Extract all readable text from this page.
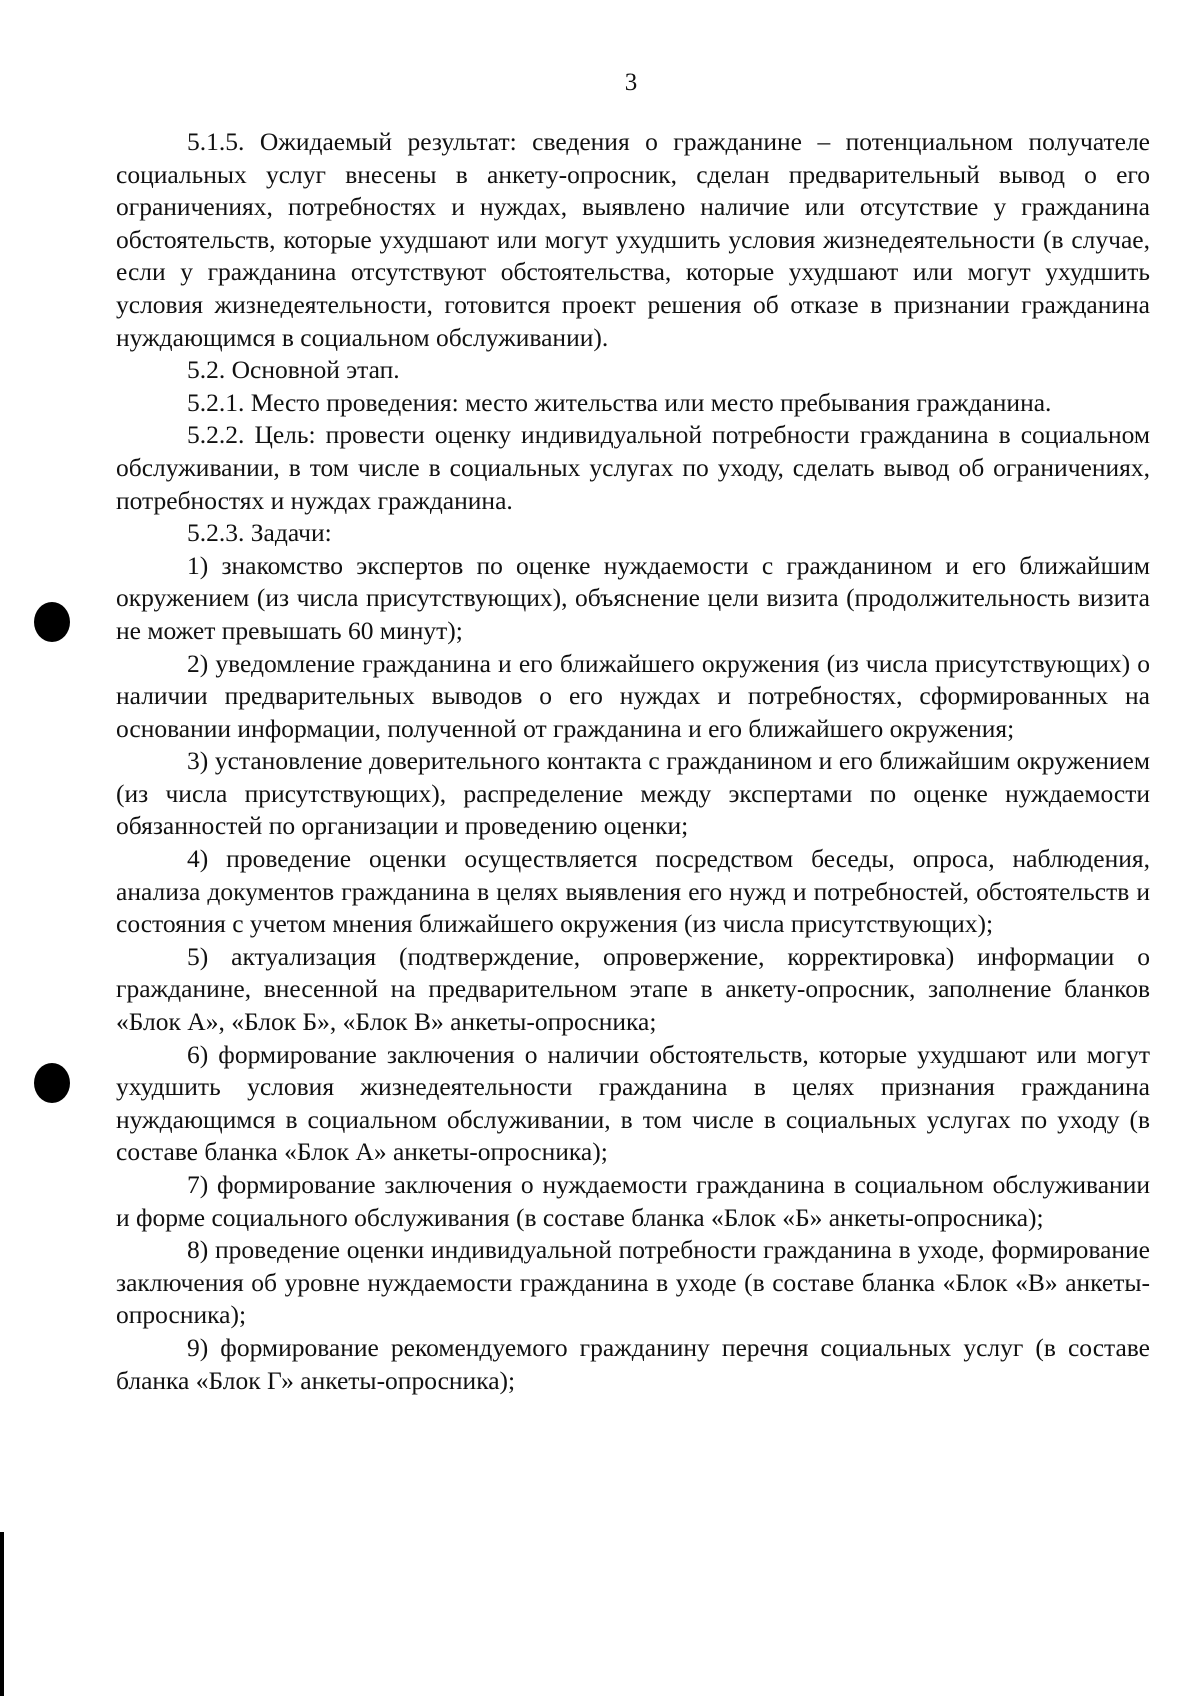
3

5.1.5. Ожидаемый результат: сведения о гражданине – потенциальном получателе социальных услуг внесены в анкету-опросник, сделан предварительный вывод о его ограничениях, потребностях и нуждах, выявлено наличие или отсутствие у гражданина обстоятельств, которые ухудшают или могут ухудшить условия жизнедеятельности (в случае, если у гражданина отсутствуют обстоятельства, которые ухудшают или могут ухудшить условия жизнедеятельности, готовится проект решения об отказе в признании гражданина нуждающимся в социальном обслуживании).

5.2. Основной этап.

5.2.1. Место проведения: место жительства или место пребывания гражданина.

5.2.2. Цель: провести оценку индивидуальной потребности гражданина в социальном обслуживании, в том числе в социальных услугах по уходу, сделать вывод об ограничениях, потребностях и нуждах гражданина.

5.2.3. Задачи:

1) знакомство экспертов по оценке нуждаемости с гражданином и его ближайшим окружением (из числа присутствующих), объяснение цели визита (продолжительность визита не может превышать 60 минут);

2) уведомление гражданина и его ближайшего окружения (из числа присутствующих) о наличии предварительных выводов о его нуждах и потребностях, сформированных на основании информации, полученной от гражданина и его ближайшего окружения;

3) установление доверительного контакта с гражданином и его ближайшим окружением (из числа присутствующих), распределение между экспертами по оценке нуждаемости обязанностей по организации и проведению оценки;

4) проведение оценки осуществляется посредством беседы, опроса, наблюдения, анализа документов гражданина в целях выявления его нужд и потребностей, обстоятельств и состояния с учетом мнения ближайшего окружения (из числа присутствующих);

5) актуализация (подтверждение, опровержение, корректировка) информации о гражданине, внесенной на предварительном этапе в анкету-опросник, заполнение бланков «Блок А», «Блок Б», «Блок В» анкеты-опросника;

6) формирование заключения о наличии обстоятельств, которые ухудшают или могут ухудшить условия жизнедеятельности гражданина в целях признания гражданина нуждающимся в социальном обслуживании, в том числе в социальных услугах по уходу (в составе бланка «Блок А» анкеты-опросника);

7) формирование заключения о нуждаемости гражданина в социальном обслуживании и форме социального обслуживания (в составе бланка «Блок «Б» анкеты-опросника);

8) проведение оценки индивидуальной потребности гражданина в уходе, формирование заключения об уровне нуждаемости гражданина в уходе (в составе бланка «Блок «В» анкеты-опросника);

9) формирование рекомендуемого гражданину перечня социальных услуг (в составе бланка «Блок Г» анкеты-опросника);
